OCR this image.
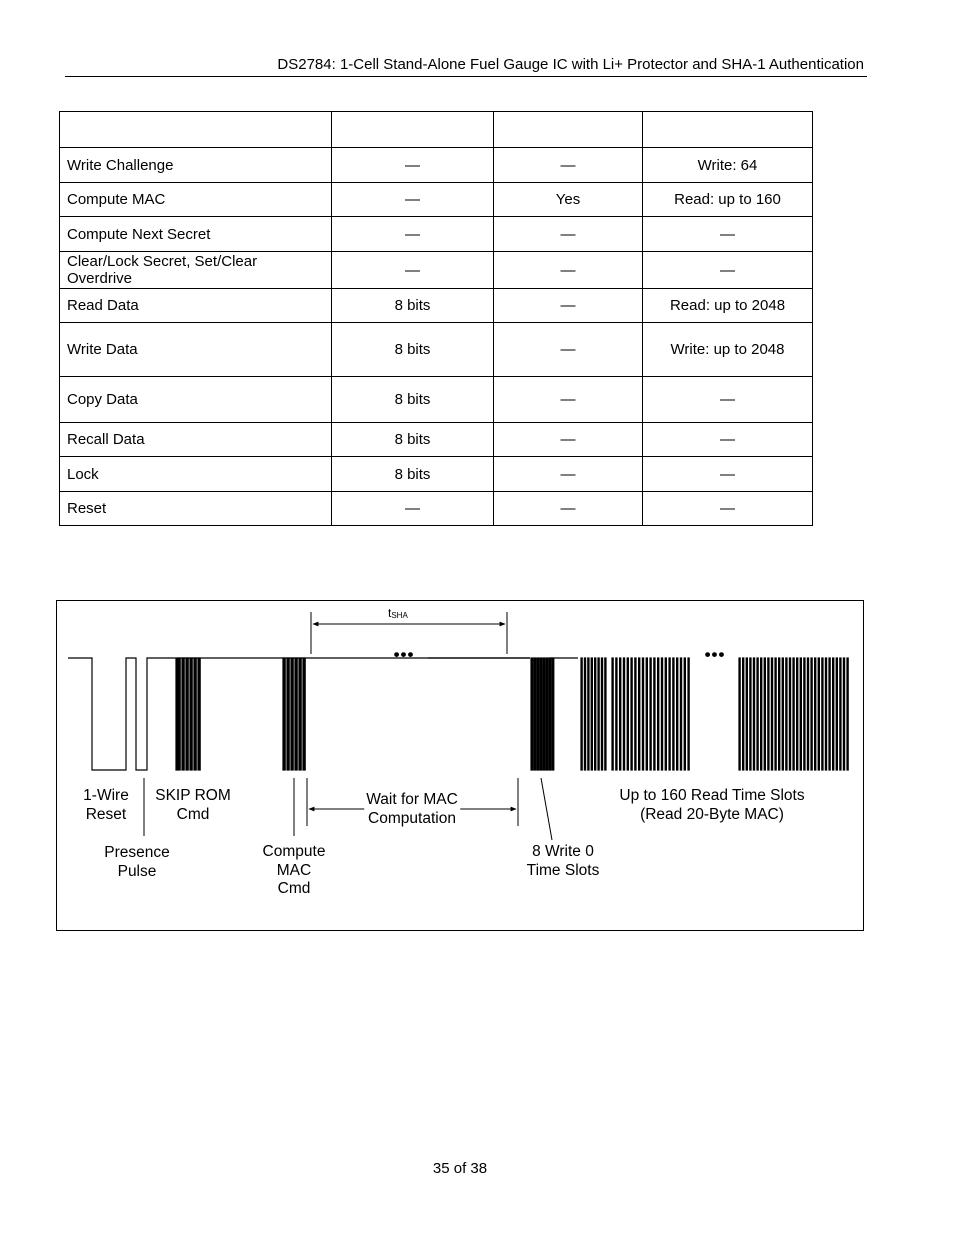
DS2784: 1-Cell Stand-Alone Fuel Gauge IC with Li+ Protector and SHA-1 Authentication

Write Challenge	—	—	Write: 64
Compute MAC	—	Yes	Read: up to 160
Compute Next Secret	—	—	—
Clear/Lock Secret, Set/Clear Overdrive	—	—	—
Read Data	8 bits	—	Read: up to 2048
Write Data	8 bits	—	Write: up to 2048
Copy Data	8 bits	—	—
Recall Data	8 bits	—	—
Lock	8 bits	—	—
Reset	—	—	—
$t_{SHA}$
•••	•••
1-Wire
Reset
SKIP ROM
Cmd
Presence
Pulse
Compute
MAC
Cmd
Wait for MAC
Computation
8 Write 0
Time Slots
Up to 160 Read Time Slots
(Read 20-Byte MAC)
35 of 38
